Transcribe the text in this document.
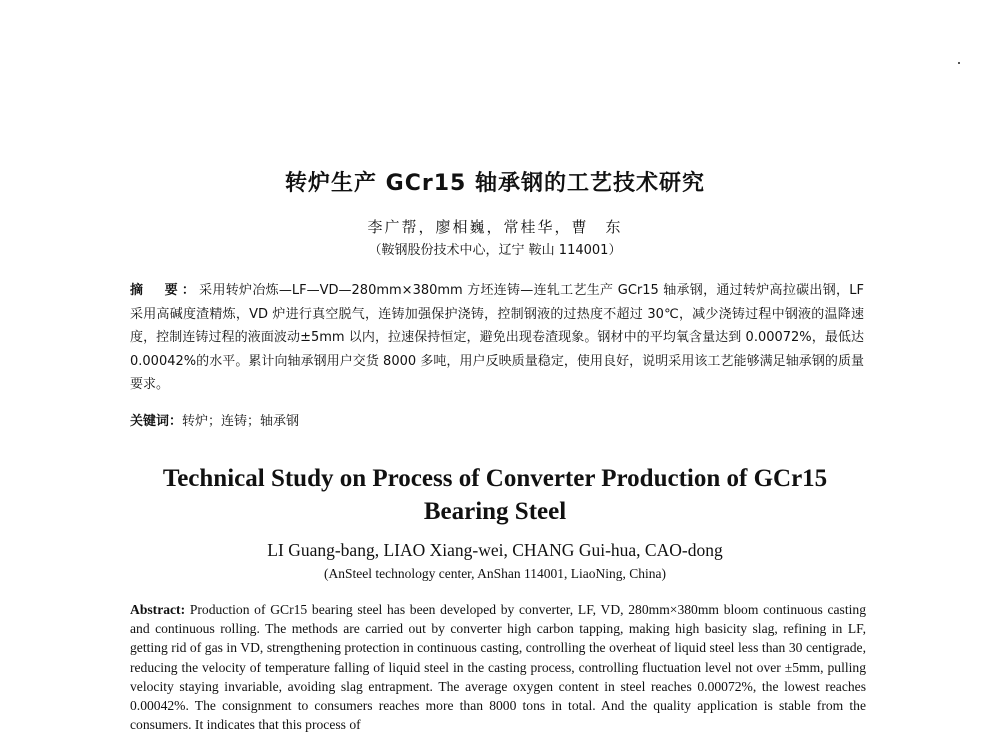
转炉生产 GCr15 轴承钢的工艺技术研究
李广帮，廖相巍，常桂华，曹　东
（鞍钢股份技术中心，辽宁 鞍山 114001）
摘　要：采用转炉冶炼—LF—VD—280mm×380mm 方坯连铸—连轧工艺生产 GCr15 轴承钢，通过转炉高拉碳出钢，LF 采用高碱度渣精炼，VD 炉进行真空脱气，连铸加强保护浇铸，控制钢液的过热度不超过 30℃，减少浇铸过程中钢液的温降速度，控制连铸过程的液面波动±5mm 以内，拉速保持恒定，避免出现卷渣现象。钢材中的平均氧含量达到 0.00072%，最低达 0.00042%的水平。累计向轴承钢用户交货 8000 多吨，用户反映质量稳定，使用良好，说明采用该工艺能够满足轴承钢的质量要求。
关键词：转炉；连铸；轴承钢
Technical Study on Process of Converter Production of GCr15 Bearing Steel
LI Guang-bang, LIAO Xiang-wei, CHANG Gui-hua, CAO-dong
(AnSteel technology center, AnShan 114001, LiaoNing, China)
Abstract: Production of GCr15 bearing steel has been developed by converter, LF, VD, 280mm×380mm bloom continuous casting and continuous rolling. The methods are carried out by converter high carbon tapping, making high basicity slag, refining in LF, getting rid of gas in VD, strengthening protection in continuous casting, controlling the overheat of liquid steel less than 30 centigrade, reducing the velocity of temperature falling of liquid steel in the casting process, controlling fluctuation level not over ±5mm, pulling velocity staying invariable, avoiding slag entrapment. The average oxygen content in steel reaches 0.00072%, the lowest reaches 0.00042%. The consignment to consumers reaches more than 8000 tons in total. And the quality application is stable from the consumers. It indicates that this process of
